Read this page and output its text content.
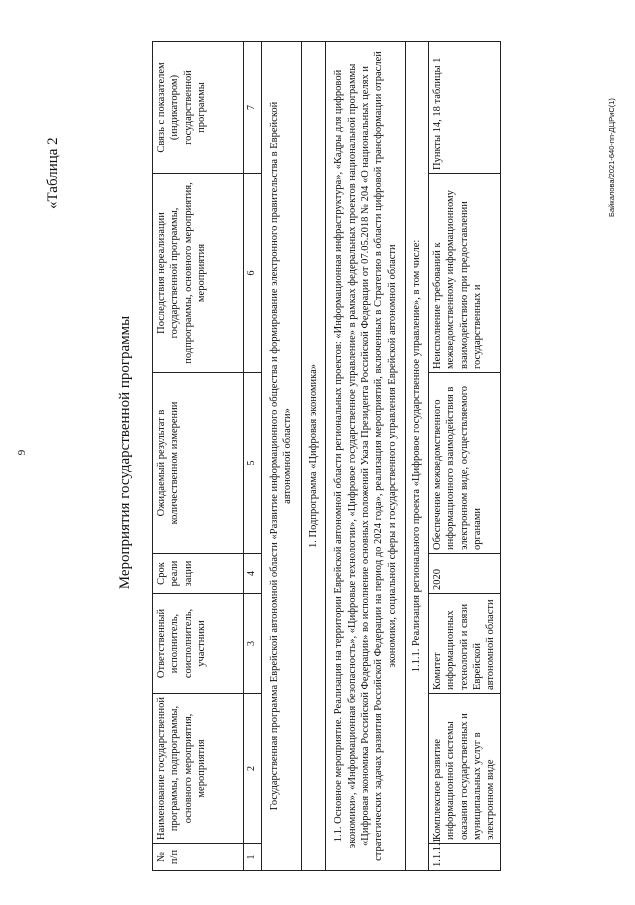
9
«Таблица 2
Мероприятия государственной программы
№ п/п	Наименование государственной программы, подпрограммы, основного мероприятия, мероприятия	Ответственный исполнитель, соисполнитель, участники	Срок реали зации	Ожидаемый результат в количественном измерении	Последствия нереализации государственной программы, подпрограммы, основного мероприятия, мероприятия	Связь с показателем (индикатором) государственной программы
1	2	3	4	5	6	7
Государственная программа Еврейской автономной области «Развитие информационного общества и формирование электронного правительства в Еврейской автономной области»						
1. Подпрограмма «Цифровая экономика»						
1.1. Основное мероприятие. Реализация на территории Еврейской автономной области региональных проектов: «Информационная инфраструктура», «Кадры для цифровой экономики», «Информационная безопасность», «Цифровые технологии», «Цифровое государственное управление» в рамках федеральных проектов национальной программы «Цифровая экономика Российской Федерации» во исполнение основных положений Указа Президента Российской Федерации от 07.05.2018 № 204 «О национальных целях и стратегических задачах развития Российской Федерации на период до 2024 года», реализация мероприятий, включенных в Стратегию в области цифровой трансформации отраслей экономики, социальной сферы и государственного управления Еврейской автономной области						
1.1.1. Реализация регионального проекта «Цифровое государственное управление», в том числе:						
1.1.1.1	Комплексное развитие информационной системы оказания государственных и муниципальных услуг в электронном виде	Комитет информационных технологий и связи Еврейской автономной области	2020	Обеспечение межведомственного информационного взаимодействия в электронном виде, осуществляемого органами	Неисполнение требований к межведомственному информационному взаимодействию при предоставлении государственных и	Пункты 14, 18 таблицы 1	Байкалова/2021-640-пп-ДЦРиС(1)
